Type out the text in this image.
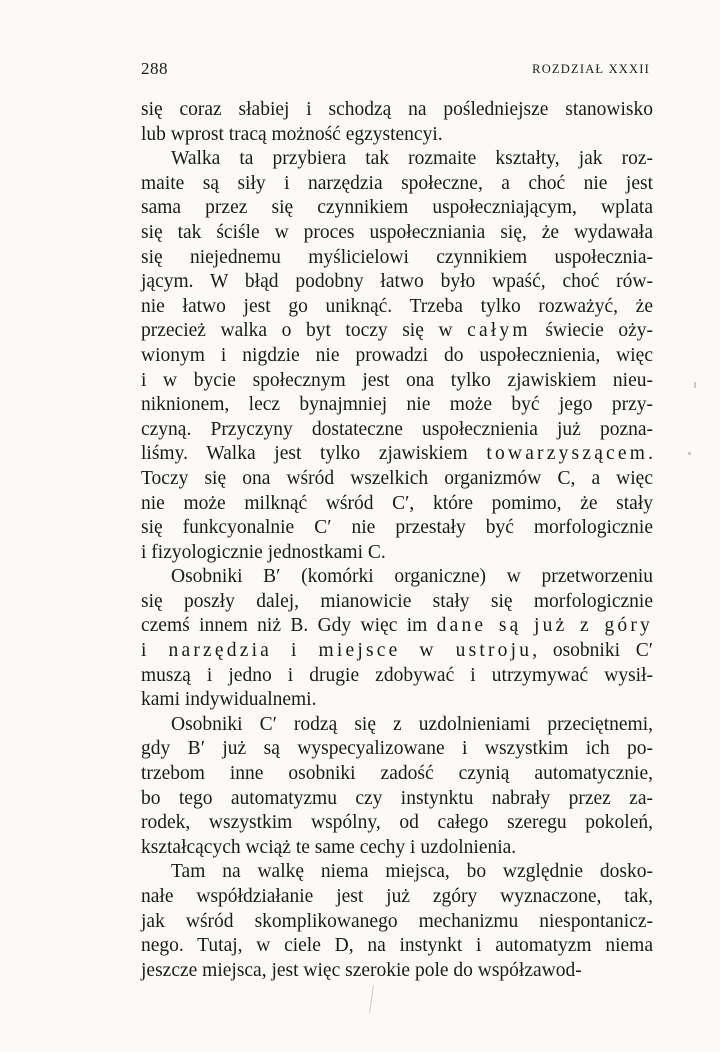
288	ROZDZIAŁ XXXII
się coraz słabiej i schodzą na pośledniejsze stanowisko
lub wprost tracą możność egzystencyi.
Walka ta przybiera tak rozmaite kształty, jak roz-
maite są siły i narzędzia społeczne, a choć nie jest
sama przez się czynnikiem uspołeczniającym, wplata
się tak ściśle w proces uspołeczniania się, że wydawała
się niejednemu myślicielowi czynnikiem uspołecznia-
jącym. W błąd podobny łatwo było wpaść, choć rów-
nie łatwo jest go uniknąć. Trzeba tylko rozważyć, że
przecież walka o byt toczy się w całym świecie oży-
wionym i nigdzie nie prowadzi do uspołecznienia, więc
i w bycie społecznym jest ona tylko zjawiskiem nieu-
niknionem, lecz bynajmniej nie może być jego przy-
czyną. Przyczyny dostateczne uspołecznienia już pozna-
liśmy. Walka jest tylko zjawiskiem towarzyszącem.
Toczy się ona wśród wszelkich organizmów C, a więc
nie może milknąć wśród C′, które pomimo, że stały
się funkcyonalnie C′ nie przestały być morfologicznie
i fizyologicznie jednostkami C.
Osobniki B′ (komórki organiczne) w przetworzeniu
się poszły dalej, mianowicie stały się morfologicznie
czemś innem niż B. Gdy więc im dane są już z góry
i narzędzia i miejsce w ustroju, osobniki C′
muszą i jedno i drugie zdobywać i utrzymywać wysił-
kami indywidualnemi.
Osobniki C′ rodzą się z uzdolnieniami przeciętnemi,
gdy B′ już są wyspecyalizowane i wszystkim ich po-
trzebom inne osobniki zadość czynią automatycznie,
bo tego automatyzmu czy instynktu nabrały przez za-
rodek, wszystkim wspólny, od całego szeregu pokoleń,
kształcących wciąż te same cechy i uzdolnienia.
Tam na walkę niema miejsca, bo względnie dosko-
nałe współdziałanie jest już zgóry wyznaczone, tak,
jak wśród skomplikowanego mechanizmu niespontanicz-
nego. Tutaj, w ciele D, na instynkt i automatyzm niema
jeszcze miejsca, jest więc szerokie pole do współzawod-
